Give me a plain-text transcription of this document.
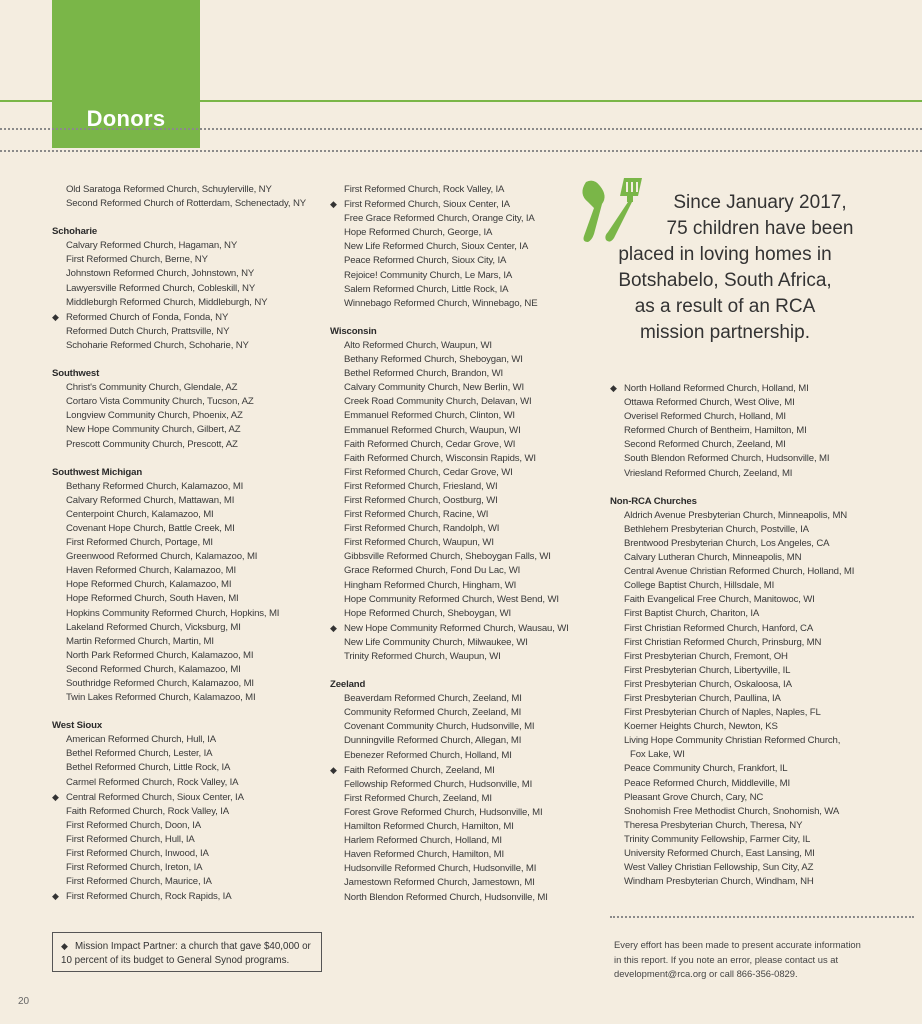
Donors
Old Saratoga Reformed Church, Schuylerville, NY
Second Reformed Church of Rotterdam, Schenectady, NY
Schoharie
Calvary Reformed Church, Hagaman, NY
First Reformed Church, Berne, NY
Johnstown Reformed Church, Johnstown, NY
Lawyersville Reformed Church, Cobleskill, NY
Middleburgh Reformed Church, Middleburgh, NY
◆ Reformed Church of Fonda, Fonda, NY
Reformed Dutch Church, Prattsville, NY
Schoharie Reformed Church, Schoharie, NY
Southwest
Christ's Community Church, Glendale, AZ
Cortaro Vista Community Church, Tucson, AZ
Longview Community Church, Phoenix, AZ
New Hope Community Church, Gilbert, AZ
Prescott Community Church, Prescott, AZ
Southwest Michigan
Bethany Reformed Church, Kalamazoo, MI
Calvary Reformed Church, Mattawan, MI
Centerpoint Church, Kalamazoo, MI
Covenant Hope Church, Battle Creek, MI
First Reformed Church, Portage, MI
Greenwood Reformed Church, Kalamazoo, MI
Haven Reformed Church, Kalamazoo, MI
Hope Reformed Church, Kalamazoo, MI
Hope Reformed Church, South Haven, MI
Hopkins Community Reformed Church, Hopkins, MI
Lakeland Reformed Church, Vicksburg, MI
Martin Reformed Church, Martin, MI
North Park Reformed Church, Kalamazoo, MI
Second Reformed Church, Kalamazoo, MI
Southridge Reformed Church, Kalamazoo, MI
Twin Lakes Reformed Church, Kalamazoo, MI
West Sioux
American Reformed Church, Hull, IA
Bethel Reformed Church, Lester, IA
Bethel Reformed Church, Little Rock, IA
Carmel Reformed Church, Rock Valley, IA
◆ Central Reformed Church, Sioux Center, IA
Faith Reformed Church, Rock Valley, IA
First Reformed Church, Doon, IA
First Reformed Church, Hull, IA
First Reformed Church, Inwood, IA
First Reformed Church, Ireton, IA
First Reformed Church, Maurice, IA
◆ First Reformed Church, Rock Rapids, IA
First Reformed Church, Rock Valley, IA
◆ First Reformed Church, Sioux Center, IA
Free Grace Reformed Church, Orange City, IA
Hope Reformed Church, George, IA
New Life Reformed Church, Sioux Center, IA
Peace Reformed Church, Sioux City, IA
Rejoice! Community Church, Le Mars, IA
Salem Reformed Church, Little Rock, IA
Winnebago Reformed Church, Winnebago, NE
Wisconsin
Alto Reformed Church, Waupun, WI
Bethany Reformed Church, Sheboygan, WI
Bethel Reformed Church, Brandon, WI
Calvary Community Church, New Berlin, WI
Creek Road Community Church, Delavan, WI
Emmanuel Reformed Church, Clinton, WI
Emmanuel Reformed Church, Waupun, WI
Faith Reformed Church, Cedar Grove, WI
Faith Reformed Church, Wisconsin Rapids, WI
First Reformed Church, Cedar Grove, WI
First Reformed Church, Friesland, WI
First Reformed Church, Oostburg, WI
First Reformed Church, Racine, WI
First Reformed Church, Randolph, WI
First Reformed Church, Waupun, WI
Gibbsville Reformed Church, Sheboygan Falls, WI
Grace Reformed Church, Fond Du Lac, WI
Hingham Reformed Church, Hingham, WI
Hope Community Reformed Church, West Bend, WI
Hope Reformed Church, Sheboygan, WI
◆ New Hope Community Reformed Church, Wausau, WI
New Life Community Church, Milwaukee, WI
Trinity Reformed Church, Waupun, WI
Zeeland
Beaverdam Reformed Church, Zeeland, MI
Community Reformed Church, Zeeland, MI
Covenant Community Church, Hudsonville, MI
Dunningville Reformed Church, Allegan, MI
Ebenezer Reformed Church, Holland, MI
◆ Faith Reformed Church, Zeeland, MI
Fellowship Reformed Church, Hudsonville, MI
First Reformed Church, Zeeland, MI
Forest Grove Reformed Church, Hudsonville, MI
Hamilton Reformed Church, Hamilton, MI
Harlem Reformed Church, Holland, MI
Haven Reformed Church, Hamilton, MI
Hudsonville Reformed Church, Hudsonville, MI
Jamestown Reformed Church, Jamestown, MI
North Blendon Reformed Church, Hudsonville, MI
◆ North Holland Reformed Church, Holland, MI
Ottawa Reformed Church, West Olive, MI
Overisel Reformed Church, Holland, MI
Reformed Church of Bentheim, Hamilton, MI
Second Reformed Church, Zeeland, MI
South Blendon Reformed Church, Hudsonville, MI
Vriesland Reformed Church, Zeeland, MI
Non-RCA Churches
Aldrich Avenue Presbyterian Church, Minneapolis, MN
Bethlehem Presbyterian Church, Postville, IA
Brentwood Presbyterian Church, Los Angeles, CA
Calvary Lutheran Church, Minneapolis, MN
Central Avenue Christian Reformed Church, Holland, MI
College Baptist Church, Hillsdale, MI
Faith Evangelical Free Church, Manitowoc, WI
First Baptist Church, Chariton, IA
First Christian Reformed Church, Hanford, CA
First Christian Reformed Church, Prinsburg, MN
First Presbyterian Church, Fremont, OH
First Presbyterian Church, Libertyville, IL
First Presbyterian Church, Oskaloosa, IA
First Presbyterian Church, Paullina, IA
First Presbyterian Church of Naples, Naples, FL
Koerner Heights Church, Newton, KS
Living Hope Community Christian Reformed Church,
Fox Lake, WI
Peace Community Church, Frankfort, IL
Peace Reformed Church, Middleville, MI
Pleasant Grove Church, Cary, NC
Snohomish Free Methodist Church, Snohomish, WA
Theresa Presbyterian Church, Theresa, NY
Trinity Community Fellowship, Farmer City, IL
University Reformed Church, East Lansing, MI
West Valley Christian Fellowship, Sun City, AZ
Windham Presbyterian Church, Windham, NH
Since January 2017,
75 children have been
placed in loving homes in
Botshabelo, South Africa,
as a result of an RCA
mission partnership.
◆ Mission Impact Partner: a church that gave $40,000 or
10 percent of its budget to General Synod programs.
Every effort has been made to present accurate information
in this report. If you note an error, please contact us at
development@rca.org or call 866-356-0829.
20
